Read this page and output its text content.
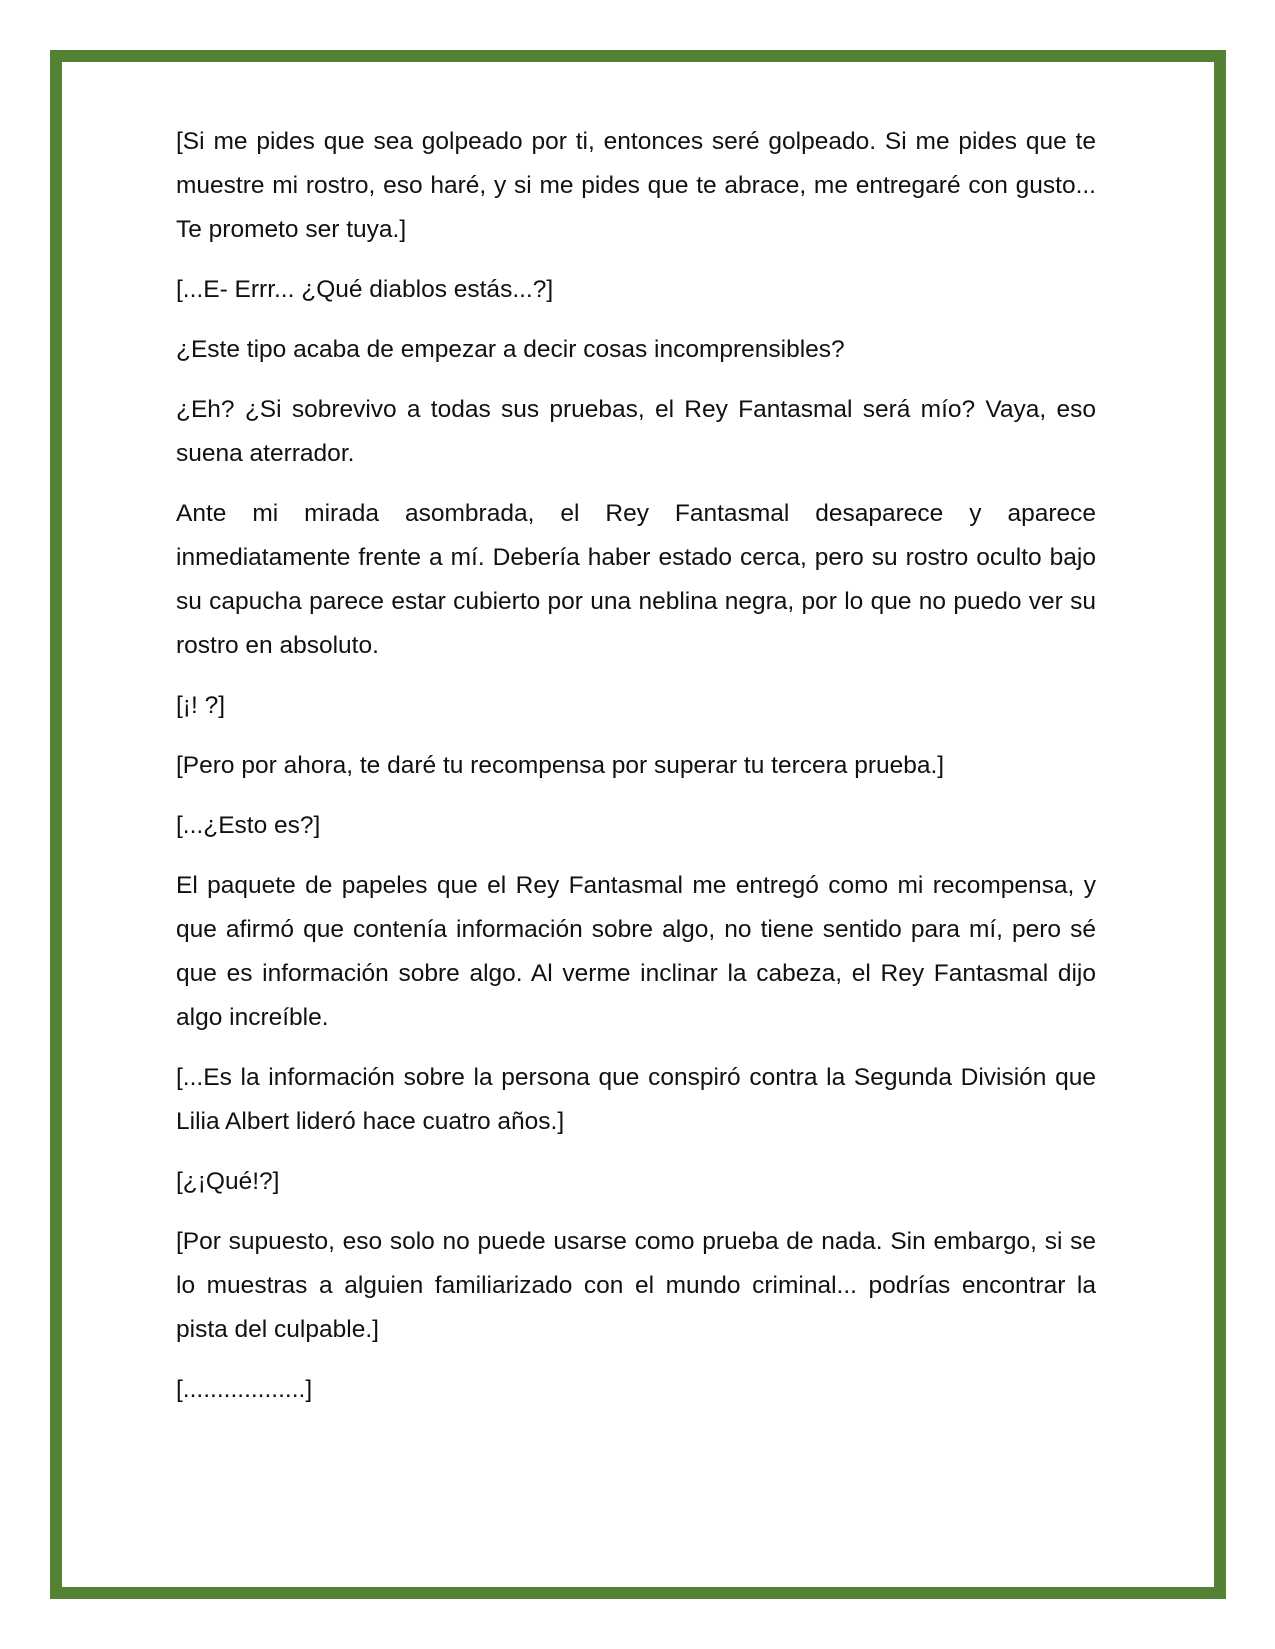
[Si me pides que sea golpeado por ti, entonces seré golpeado. Si me pides que te muestre mi rostro, eso haré, y si me pides que te abrace, me entregaré con gusto... Te prometo ser tuya.]

[...E- Errr... ¿Qué diablos estás...?]

¿Este tipo acaba de empezar a decir cosas incomprensibles?

¿Eh? ¿Si sobrevivo a todas sus pruebas, el Rey Fantasmal será mío? Vaya, eso suena aterrador.

Ante mi mirada asombrada, el Rey Fantasmal desaparece y aparece inmediatamente frente a mí. Debería haber estado cerca, pero su rostro oculto bajo su capucha parece estar cubierto por una neblina negra, por lo que no puedo ver su rostro en absoluto.

[¡! ?]

[Pero por ahora, te daré tu recompensa por superar tu tercera prueba.]

[...¿Esto es?]

El paquete de papeles que el Rey Fantasmal me entregó como mi recompensa, y que afirmó que contenía información sobre algo, no tiene sentido para mí, pero sé que es información sobre algo. Al verme inclinar la cabeza, el Rey Fantasmal dijo algo increíble.

[...Es la información sobre la persona que conspiró contra la Segunda División que Lilia Albert lideró hace cuatro años.]

[¿¡Qué!?]

[Por supuesto, eso solo no puede usarse como prueba de nada. Sin embargo, si se lo muestras a alguien familiarizado con el mundo criminal... podrías encontrar la pista del culpable.]

[..................]
